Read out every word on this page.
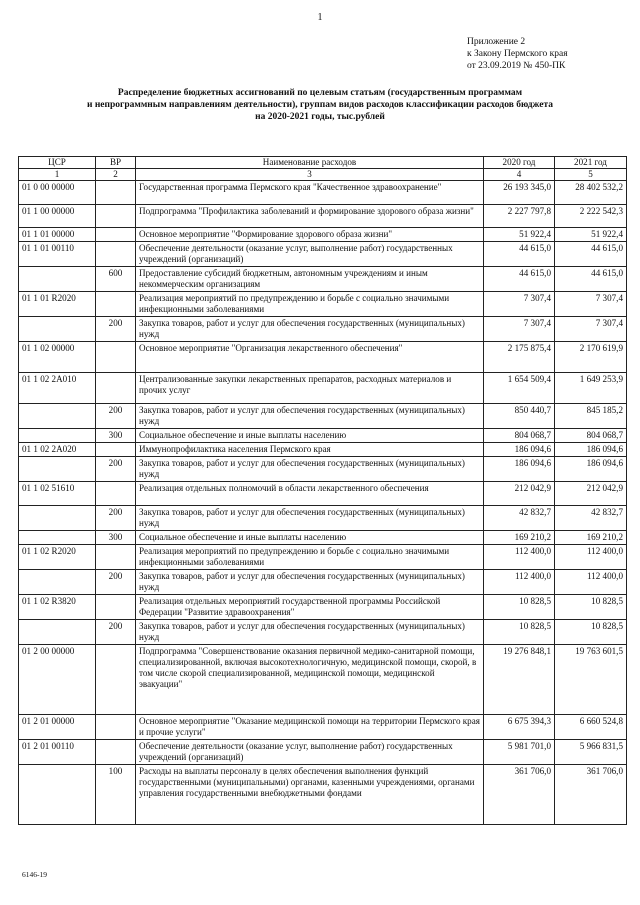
1
Приложение 2
к Закону Пермского края
от 23.09.2019 № 450-ПК
Распределение бюджетных ассигнований по целевым статьям (государственным программам
и непрограммным направлениям деятельности), группам видов расходов классификации расходов бюджета
на 2020-2021 годы, тыс.рублей
ЦСР	ВР	Наименование расходов	2020 год	2021 год
1	2	3	4	5
01 0 00 00000		Государственная программа Пермского края "Качественное здравоохранение"	26 193 345,0	28 402 532,2
01 1 00 00000		Подпрограмма "Профилактика заболеваний и формирование здорового образа жизни"	2 227 797,8	2 222 542,3
01 1 01 00000		Основное мероприятие "Формирование здорового образа жизни"	51 922,4	51 922,4
01 1 01 00110		Обеспечение деятельности (оказание услуг, выполнение работ) государственных учреждений (организаций)	44 615,0	44 615,0
	600	Предоставление субсидий бюджетным, автономным учреждениям и иным некоммерческим организациям	44 615,0	44 615,0
01 1 01 R2020		Реализация мероприятий по предупреждению и борьбе с социально значимыми инфекционными заболеваниями	7 307,4	7 307,4
	200	Закупка товаров, работ и услуг для обеспечения государственных (муниципальных) нужд	7 307,4	7 307,4
01 1 02 00000		Основное мероприятие "Организация лекарственного обеспечения"	2 175 875,4	2 170 619,9
01 1 02 2А010		Централизованные закупки лекарственных препаратов, расходных материалов и прочих услуг	1 654 509,4	1 649 253,9
	200	Закупка товаров, работ и услуг для обеспечения государственных (муниципальных) нужд	850 440,7	845 185,2
	300	Социальное обеспечение и иные выплаты населению	804 068,7	804 068,7
01 1 02 2А020		Иммунопрофилактика населения Пермского края	186 094,6	186 094,6
	200	Закупка товаров, работ и услуг для обеспечения государственных (муниципальных) нужд	186 094,6	186 094,6
01 1 02 51610		Реализация отдельных полномочий в области лекарственного обеспечения	212 042,9	212 042,9
	200	Закупка товаров, работ и услуг для обеспечения государственных (муниципальных) нужд	42 832,7	42 832,7
	300	Социальное обеспечение и иные выплаты населению	169 210,2	169 210,2
01 1 02 R2020		Реализация мероприятий по предупреждению и борьбе с социально значимыми инфекционными заболеваниями	112 400,0	112 400,0
	200	Закупка товаров, работ и услуг для обеспечения государственных (муниципальных) нужд	112 400,0	112 400,0
01 1 02 R3820		Реализация отдельных мероприятий государственной программы Российской Федерации "Развитие здравоохранения"	10 828,5	10 828,5
	200	Закупка товаров, работ и услуг для обеспечения государственных (муниципальных) нужд	10 828,5	10 828,5
01 2 00 00000		Подпрограмма "Совершенствование оказания первичной медико-санитарной помощи, специализированной, включая высокотехнологичную, медицинской помощи, скорой, в том числе скорой специализированной, медицинской помощи, медицинской эвакуации"	19 276 848,1	19 763 601,5
01 2 01 00000		Основное мероприятие "Оказание медицинской помощи на территории Пермского края и прочие услуги"	6 675 394,3	6 660 524,8
01 2 01 00110		Обеспечение деятельности (оказание услуг, выполнение работ) государственных учреждений (организаций)	5 981 701,0	5 966 831,5
	100	Расходы на выплаты персоналу в целях обеспечения выполнения функций государственными (муниципальными) органами, казенными учреждениями, органами управления государственными внебюджетными фондами	361 706,0	361 706,0
6146-19
